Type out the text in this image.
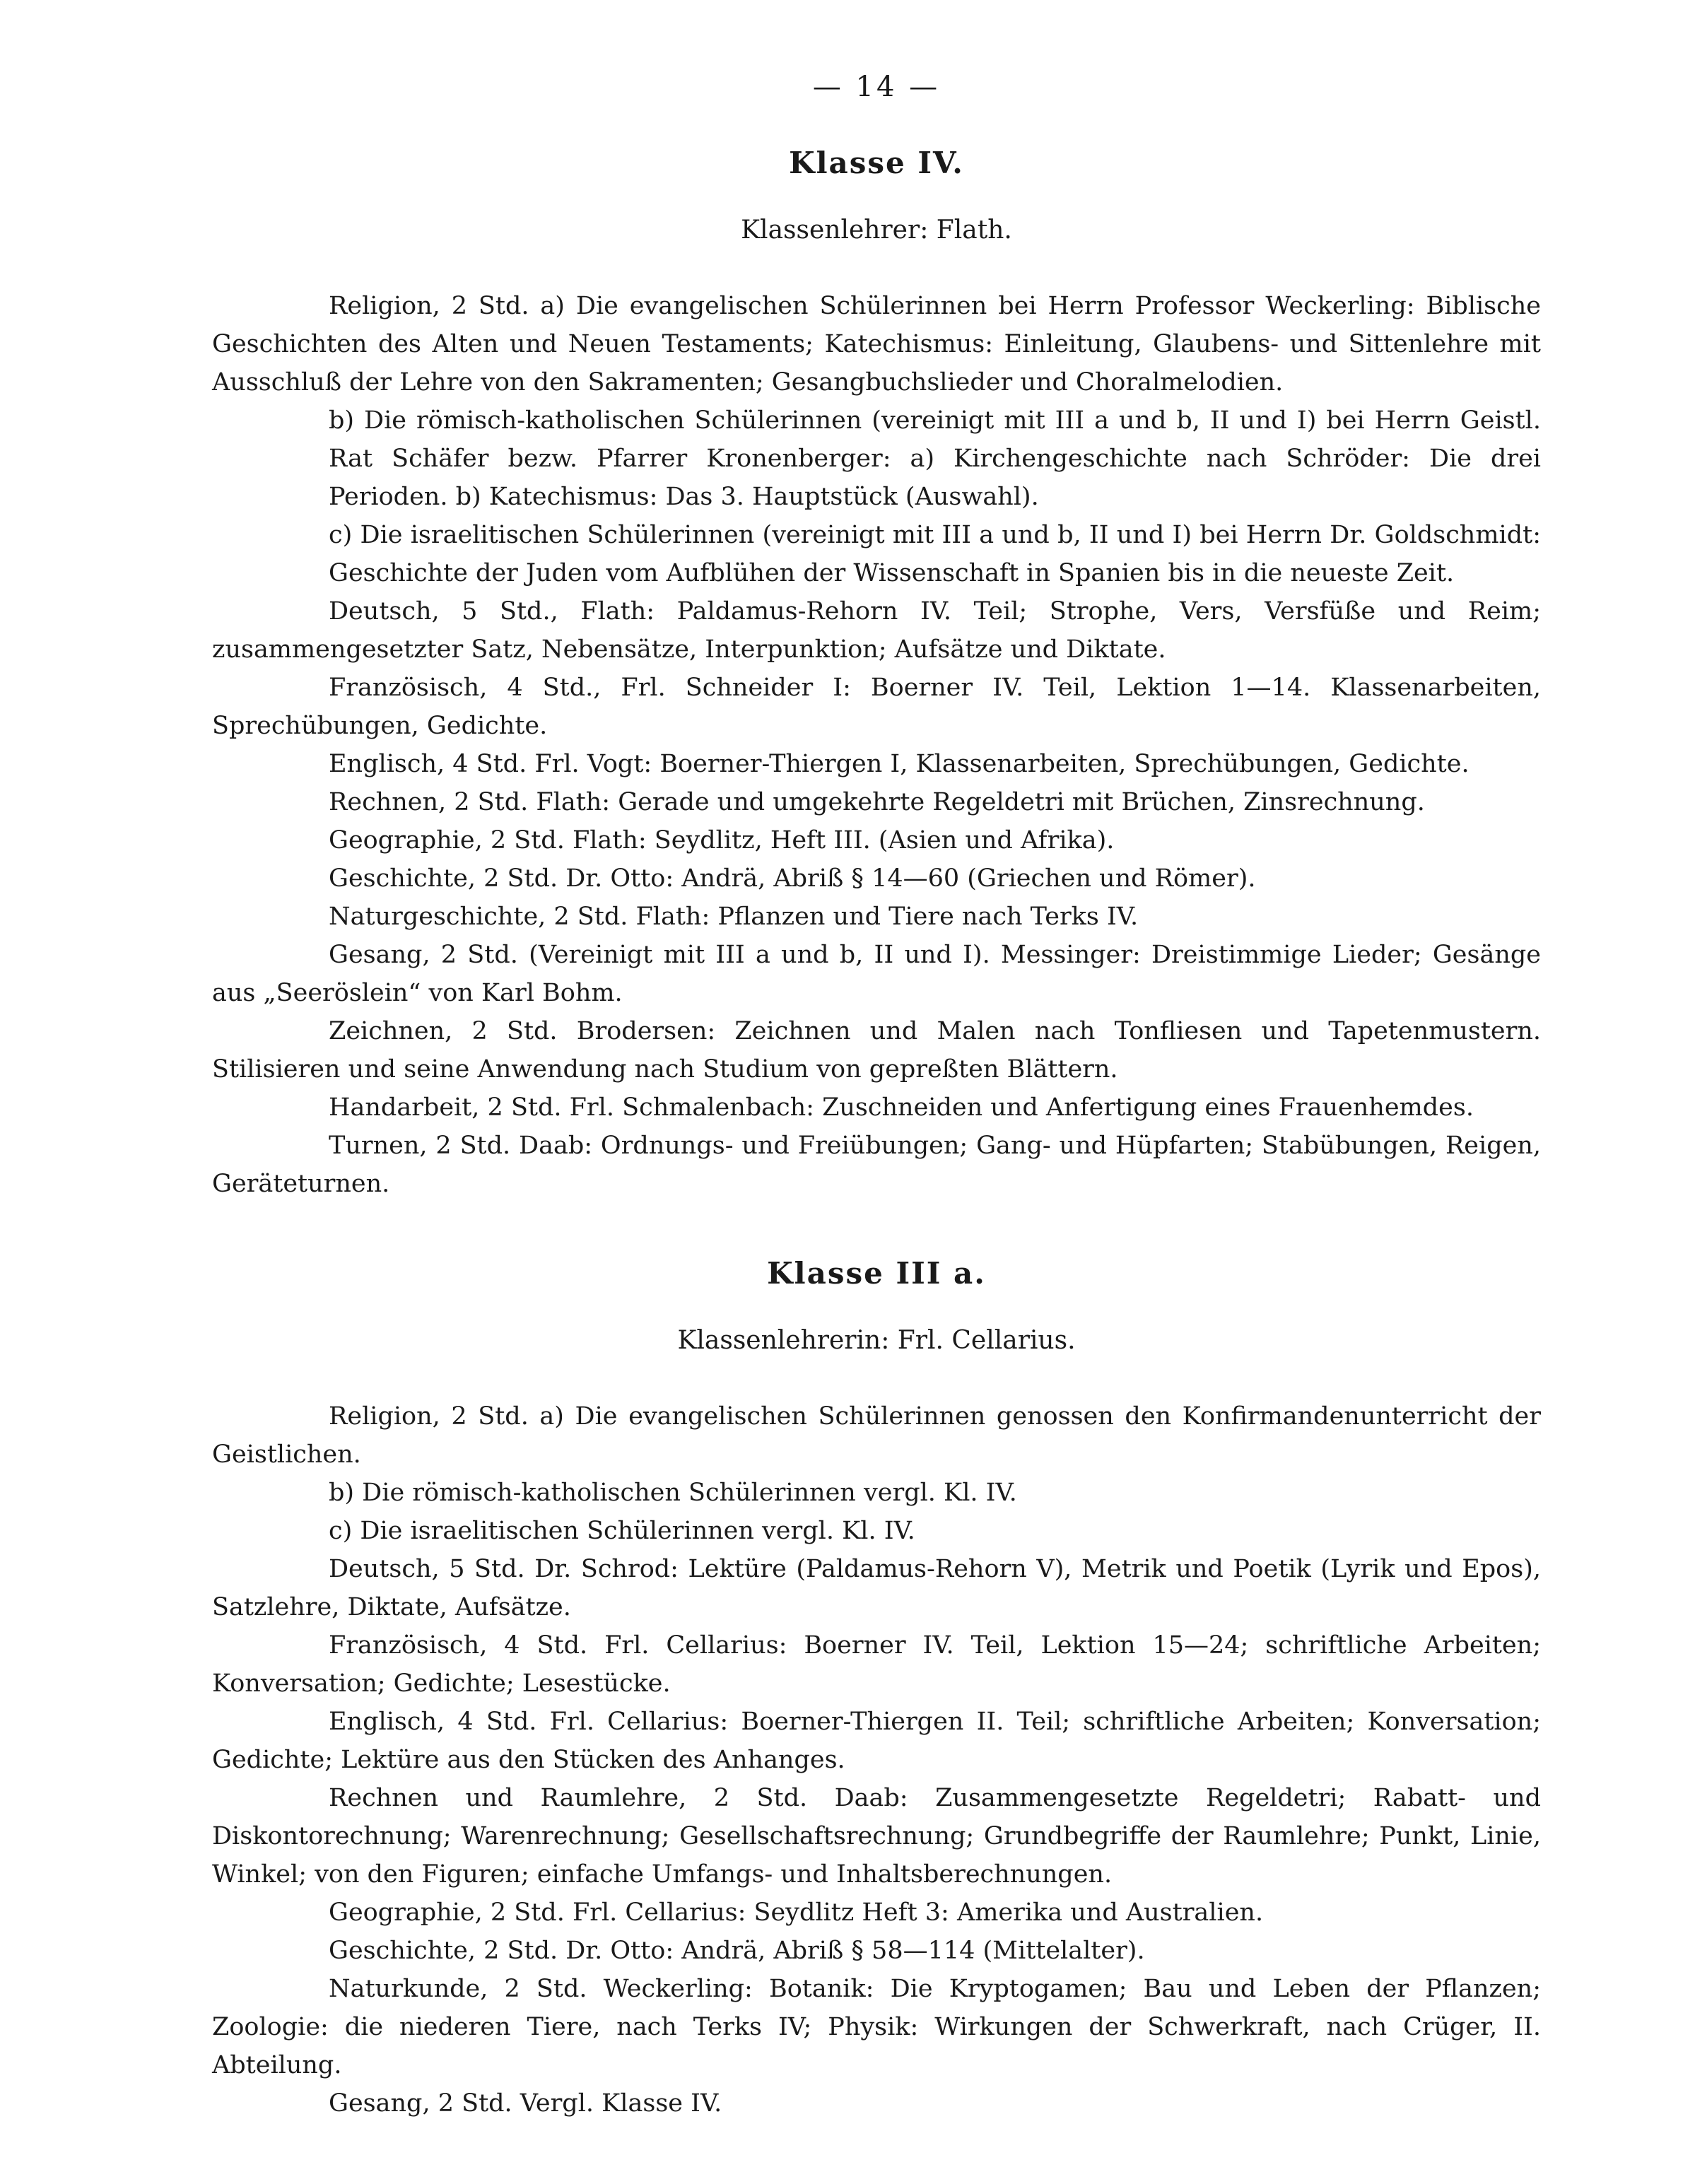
— 14 —
Klasse IV.
Klassenlehrer: Flath.

Religion, 2 Std. a) Die evangelischen Schülerinnen bei Herrn Professor Weckerling: Biblische Geschichten des Alten und Neuen Testaments; Katechismus: Einleitung, Glaubens- und Sittenlehre mit Ausschluß der Lehre von den Sakramenten; Gesangbuchslieder und Choralmelodien.

b) Die römisch-katholischen Schülerinnen (vereinigt mit III a und b, II und I) bei Herrn Geistl. Rat Schäfer bezw. Pfarrer Kronenberger: a) Kirchengeschichte nach Schröder: Die drei Perioden. b) Katechismus: Das 3. Hauptstück (Auswahl).

c) Die israelitischen Schülerinnen (vereinigt mit III a und b, II und I) bei Herrn Dr. Goldschmidt: Geschichte der Juden vom Aufblühen der Wissenschaft in Spanien bis in die neueste Zeit.

Deutsch, 5 Std., Flath: Paldamus-Rehorn IV. Teil; Strophe, Vers, Versfüße und Reim; zusammengesetzter Satz, Nebensätze, Interpunktion; Aufsätze und Diktate.

Französisch, 4 Std., Frl. Schneider I: Boerner IV. Teil, Lektion 1—14. Klassenarbeiten, Sprechübungen, Gedichte.

Englisch, 4 Std. Frl. Vogt: Boerner-Thiergen I, Klassenarbeiten, Sprechübungen, Gedichte.

Rechnen, 2 Std. Flath: Gerade und umgekehrte Regeldetri mit Brüchen, Zinsrechnung.

Geographie, 2 Std. Flath: Seydlitz, Heft III. (Asien und Afrika).

Geschichte, 2 Std. Dr. Otto: Andrä, Abriß § 14—60 (Griechen und Römer).

Naturgeschichte, 2 Std. Flath: Pflanzen und Tiere nach Terks IV.

Gesang, 2 Std. (Vereinigt mit III a und b, II und I). Messinger: Dreistimmige Lieder; Gesänge aus „Seeröslein“ von Karl Bohm.

Zeichnen, 2 Std. Brodersen: Zeichnen und Malen nach Tonfliesen und Tapetenmustern. Stilisieren und seine Anwendung nach Studium von gepreßten Blättern.

Handarbeit, 2 Std. Frl. Schmalenbach: Zuschneiden und Anfertigung eines Frauenhemdes.

Turnen, 2 Std. Daab: Ordnungs- und Freiübungen; Gang- und Hüpfarten; Stabübungen, Reigen, Geräteturnen.

Klasse III a.
Klassenlehrerin: Frl. Cellarius.

Religion, 2 Std. a) Die evangelischen Schülerinnen genossen den Konfirmandenunterricht der Geistlichen.

b) Die römisch-katholischen Schülerinnen vergl. Kl. IV.

c) Die israelitischen Schülerinnen vergl. Kl. IV.

Deutsch, 5 Std. Dr. Schrod: Lektüre (Paldamus-Rehorn V), Metrik und Poetik (Lyrik und Epos), Satzlehre, Diktate, Aufsätze.

Französisch, 4 Std. Frl. Cellarius: Boerner IV. Teil, Lektion 15—24; schriftliche Arbeiten; Konversation; Gedichte; Lesestücke.

Englisch, 4 Std. Frl. Cellarius: Boerner-Thiergen II. Teil; schriftliche Arbeiten; Konversation; Gedichte; Lektüre aus den Stücken des Anhanges.

Rechnen und Raumlehre, 2 Std. Daab: Zusammengesetzte Regeldetri; Rabatt- und Diskontorechnung; Warenrechnung; Gesellschaftsrechnung; Grundbegriffe der Raumlehre; Punkt, Linie, Winkel; von den Figuren; einfache Umfangs- und Inhaltsberechnungen.

Geographie, 2 Std. Frl. Cellarius: Seydlitz Heft 3: Amerika und Australien.

Geschichte, 2 Std. Dr. Otto: Andrä, Abriß § 58—114 (Mittelalter).

Naturkunde, 2 Std. Weckerling: Botanik: Die Kryptogamen; Bau und Leben der Pflanzen; Zoologie: die niederen Tiere, nach Terks IV; Physik: Wirkungen der Schwerkraft, nach Crüger, II. Abteilung.

Gesang, 2 Std. Vergl. Klasse IV.
